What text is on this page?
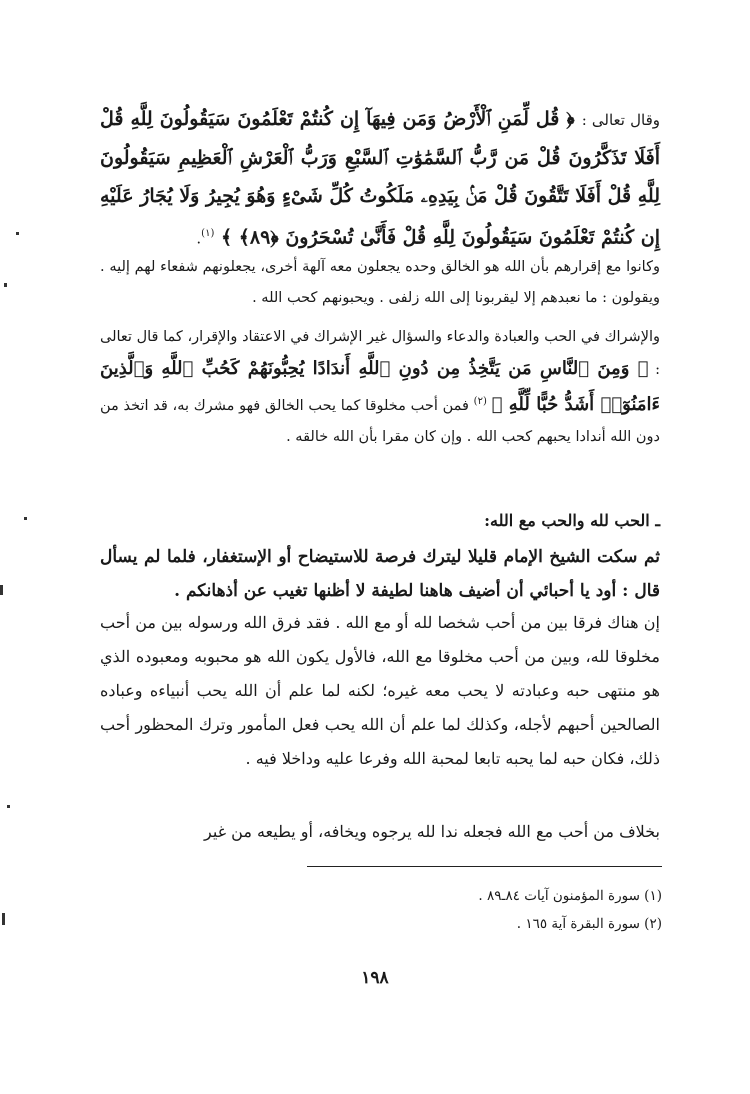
وقال تعالى : ﴿ قُل لِّمَنِ ٱلْأَرْضُ وَمَن فِيهَآ إِن كُنتُمْ تَعْلَمُونَ سَيَقُولُونَ لِلَّهِ قُلْ أَفَلَا تَذَكَّرُونَ قُلْ مَن رَّبُّ ٱلسَّمَٰوَٰتِ ٱلسَّبْعِ وَرَبُّ ٱلْعَرْشِ ٱلْعَظِيمِ سَيَقُولُونَ لِلَّهِ قُلْ أَفَلَا تَتَّقُونَ قُلْ مَنۢ بِيَدِهِۦ مَلَكُوتُ كُلِّ شَىْءٍ وَهُوَ يُجِيرُ وَلَا يُجَارُ عَلَيْهِ إِن كُنتُمْ تَعْلَمُونَ سَيَقُولُونَ لِلَّهِ قُلْ فَأَنَّىٰ تُسْحَرُونَ ﴿٨٩﴾ ﴾ $^{(١)}$.
وكانوا مع إقرارهم بأن الله هو الخالق وحده يجعلون معه آلهة أخرى، يجعلونهم شفعاء لهم إليه . ويقولون : ما نعبدهم إلا ليقربونا إلى الله زلفى . ويحبونهم كحب الله .
والإشراك في الحب والعبادة والدعاء والسؤال غير الإشراك في الاعتقاد والإقرار، كما قال تعالى : ﴿ وَمِنَ ٱلنَّاسِ مَن يَتَّخِذُ مِن دُونِ ٱللَّهِ أَندَادًا يُحِبُّونَهُمْ كَحُبِّ ٱللَّهِ وَٱلَّذِينَ ءَامَنُوٓا۟ أَشَدُّ حُبًّا لِّلَّهِ ﴾ $^{(٢)}$ فمن أحب مخلوقا كما يحب الخالق فهو مشرك به، قد اتخذ من دون الله أندادا يحبهم كحب الله . وإن كان مقرا بأن الله خالقه .
ـ الحب لله والحب مع الله:
ثم سكت الشيخ الإمام قليلا ليترك فرصة للاستيضاح أو الإستغفار، فلما لم يسأل قال : أود يا أحبائي أن أضيف هاهنا لطيفة لا أظنها تغيب عن أذهانكم .
إن هناك فرقا بين من أحب شخصا لله أو مع الله . فقد فرق الله ورسوله بين من أحب مخلوقا لله، وبين من أحب مخلوقا مع الله، فالأول يكون الله هو محبوبه ومعبوده الذي هو منتهى حبه وعبادته لا يحب معه غيره؛ لكنه لما علم أن الله يحب أنبياءه وعباده الصالحين أحبهم لأجله، وكذلك لما علم أن الله يحب فعل المأمور وترك المحظور أحب ذلك، فكان حبه لما يحبه تابعا لمحبة الله وفرعا عليه وداخلا فيه .
بخلاف من أحب مع الله فجعله ندا لله يرجوه ويخافه، أو يطيعه من غير
(١) سورة المؤمنون آيات ٨٤ـ٨٩ .
(٢) سورة البقرة آية ١٦٥ .
١٩٨
